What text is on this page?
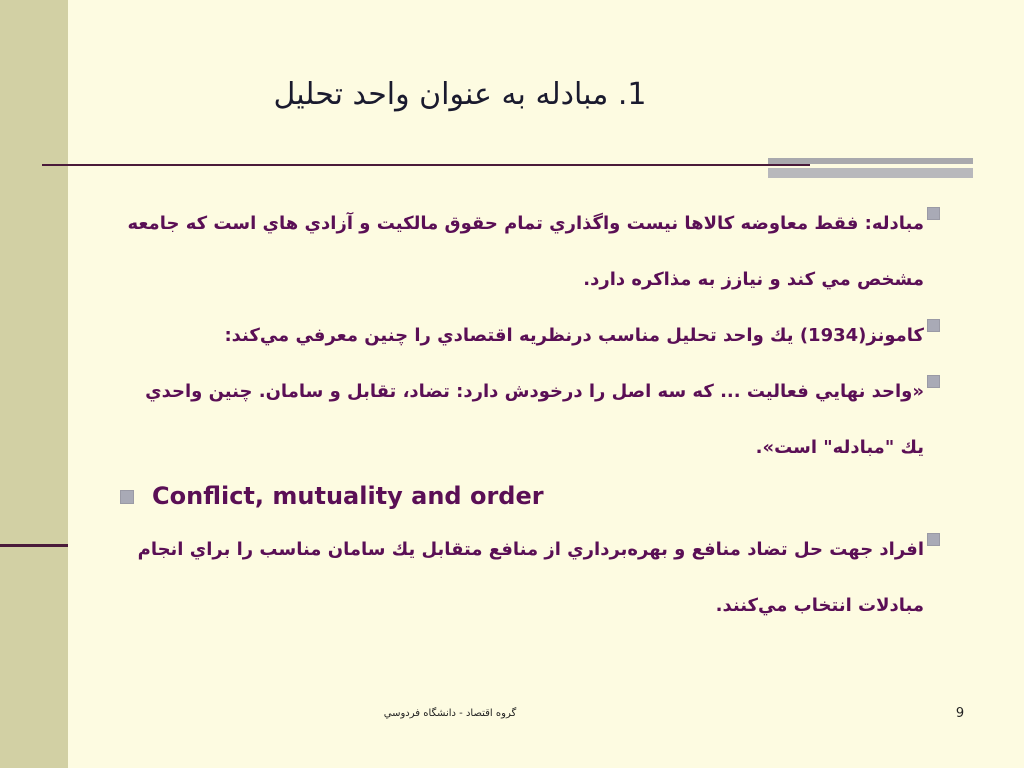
1. مبادله به عنوان واحد تحليل
مبادله: فقط معاوضه كالاها نيست واگذاري تمام حقوق مالكيت و آزادي هاي است كه جامعه مشخص مي كند و نيازز به مذاكره دارد.
كامونز(1934) يك واحد تحليل مناسب درنظريه اقتصادي را چنين معرفي مي‌كند:
«واحد نهايي فعاليت ... كه سه اصل را درخودش دارد: تضاد، تقابل و سامان. چنين واحدي يك "مبادله" است».
Conflict, mutuality and order
افراد جهت حل تضاد منافع و بهره‌برداري از منافع متقابل يك سامان مناسب را براي انجام مبادلات انتخاب مي‌كنند.
گروه اقتصاد - دانشگاه فردوسي	9
